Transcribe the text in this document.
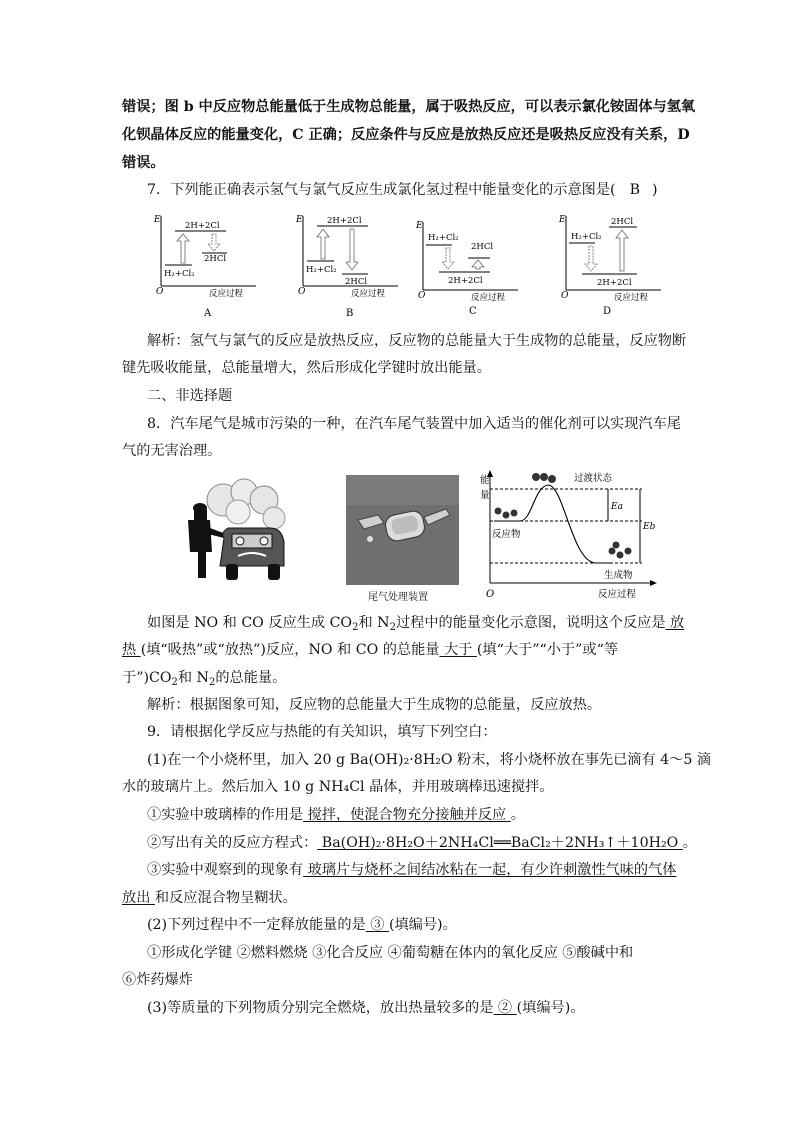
错误；图 b 中反应物总能量低于生成物总能量，属于吸热反应，可以表示氯化铵固体与氢氧
化钡晶体反应的能量变化，C 正确；反应条件与反应是放热反应还是吸热反应没有关系，D
错误。
7．下列能正确表示氢气与氯气反应生成氯化氢过程中能量变化的示意图是( B )
E
O	反应过程
2H+2Cl
H₂+Cl₂
2HCl
A
E
O	反应过程
2H+2Cl
H₂+Cl₂
2HCl
B
E
O	反应过程
H₂+Cl₂
2HCl
2H+2Cl
C
E
O	反应过程
H₂+Cl₂
2HCl
2H+2Cl
D
解析：氢气与氯气的反应是放热反应，反应物的总能量大于生成物的总能量，反应物断
键先吸收能量，总能量增大，然后形成化学键时放出能量。
二、非选择题
8．汽车尾气是城市污染的一种，在汽车尾气装置中加入适当的催化剂可以实现汽车尾
气的无害治理。
尾气处理装置	O
能
量
反应过程
Ea
Eb
过渡状态
反应物
生成物
如图是 NO 和 CO 反应生成 $CO_2$和 $N_2$过程中的能量变化示意图，说明这个反应是 放
热 (填“吸热”或“放热”)反应，NO 和 CO 的总能量 大于 (填“大于”“小于”或“等
于$”)CO_2$和 $N_2$的总能量。
解析：根据图象可知，反应物的总能量大于生成物的总能量，反应放热。
9．请根据化学反应与热能的有关知识，填写下列空白：
(1)在一个小烧杯里，加入 20 g Ba(OH)₂·8H₂O 粉末，将小烧杯放在事先已滴有 4～5 滴
水的玻璃片上。然后加入 10 g NH₄Cl 晶体，并用玻璃棒迅速搅拌。
①实验中玻璃棒的作用是 搅拌，使混合物充分接触并反应 。
②写出有关的反应方程式： Ba(OH)₂·8H₂O＋2NH₄Cl══BaCl₂＋2NH₃↑＋10H₂O 。
③实验中观察到的现象有 玻璃片与烧杯之间结冰粘在一起，有少许刺激性气味的气体
放出 和反应混合物呈糊状。
(2)下列过程中不一定释放能量的是 ③ (填编号)。
①形成化学键 ②燃料燃烧 ③化合反应 ④葡萄糖在体内的氧化反应 ⑤酸碱中和
⑥炸药爆炸
(3)等质量的下列物质分别完全燃烧，放出热量较多的是 ② (填编号)。
